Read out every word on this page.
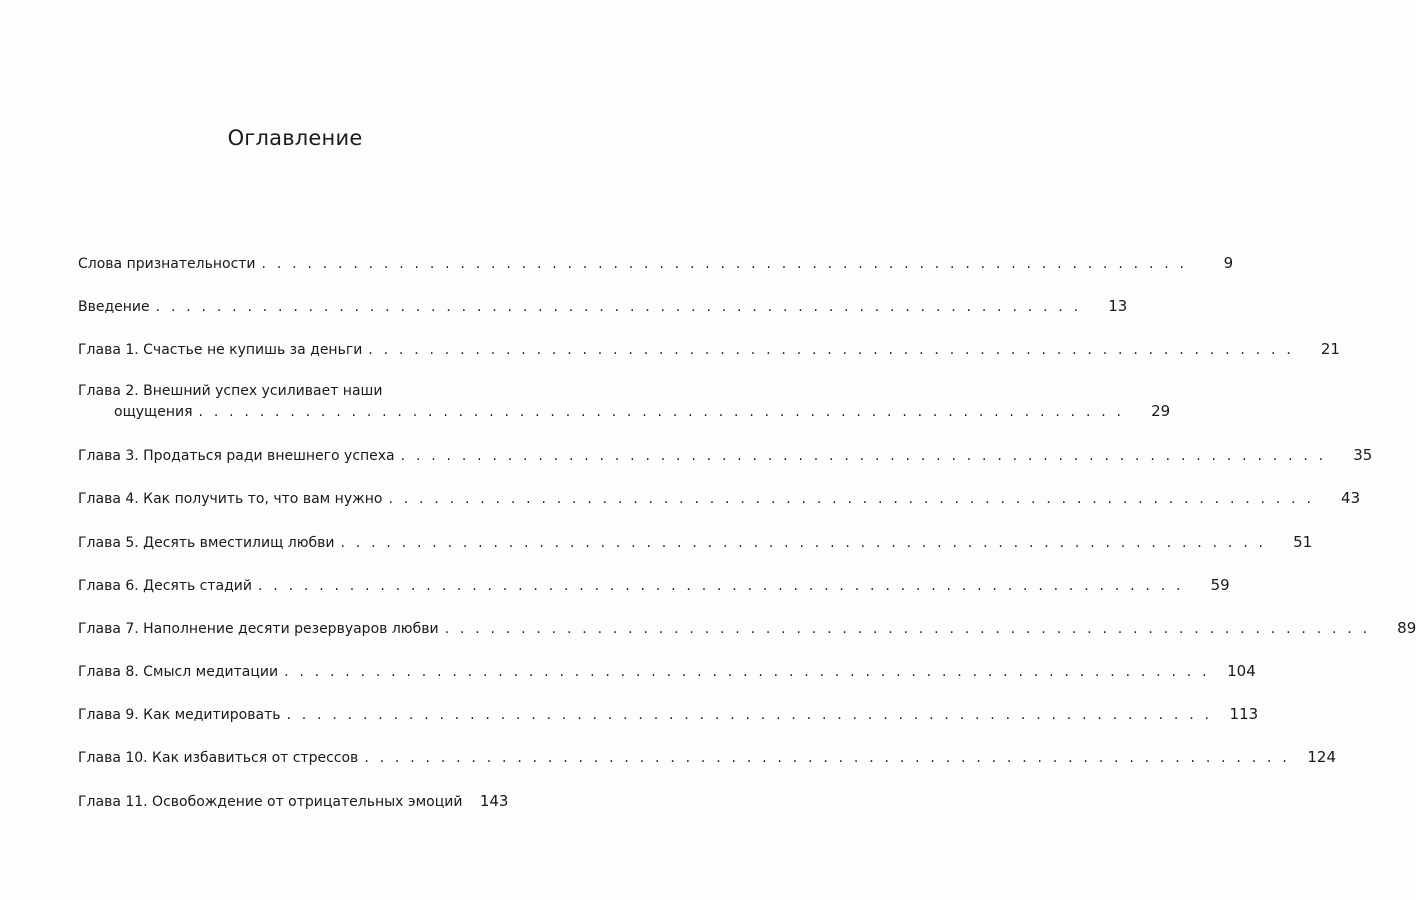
Оглавление
Слова признательности . . .	9
Введение . . .	13
Глава 1. Счастье не купишь за деньги . . .	21
Глава 2. Внешний успех усиливает наши
ощущения . . .	29
Глава 3. Продаться ради внешнего успеха . . .	35
Глава 4. Как получить то, что вам нужно . . .	43
Глава 5. Десять вместилищ любви . . .	51
Глава 6. Десять стадий . . .	59
Глава 7. Наполнение десяти резервуаров любви . . .	89
Глава 8. Смысл медитации . . .	104
Глава 9. Как медитировать . . .	113
Глава 10. Как избавиться от стрессов . . .	124
Глава 11. Освобождение от отрицательных эмоций	143
